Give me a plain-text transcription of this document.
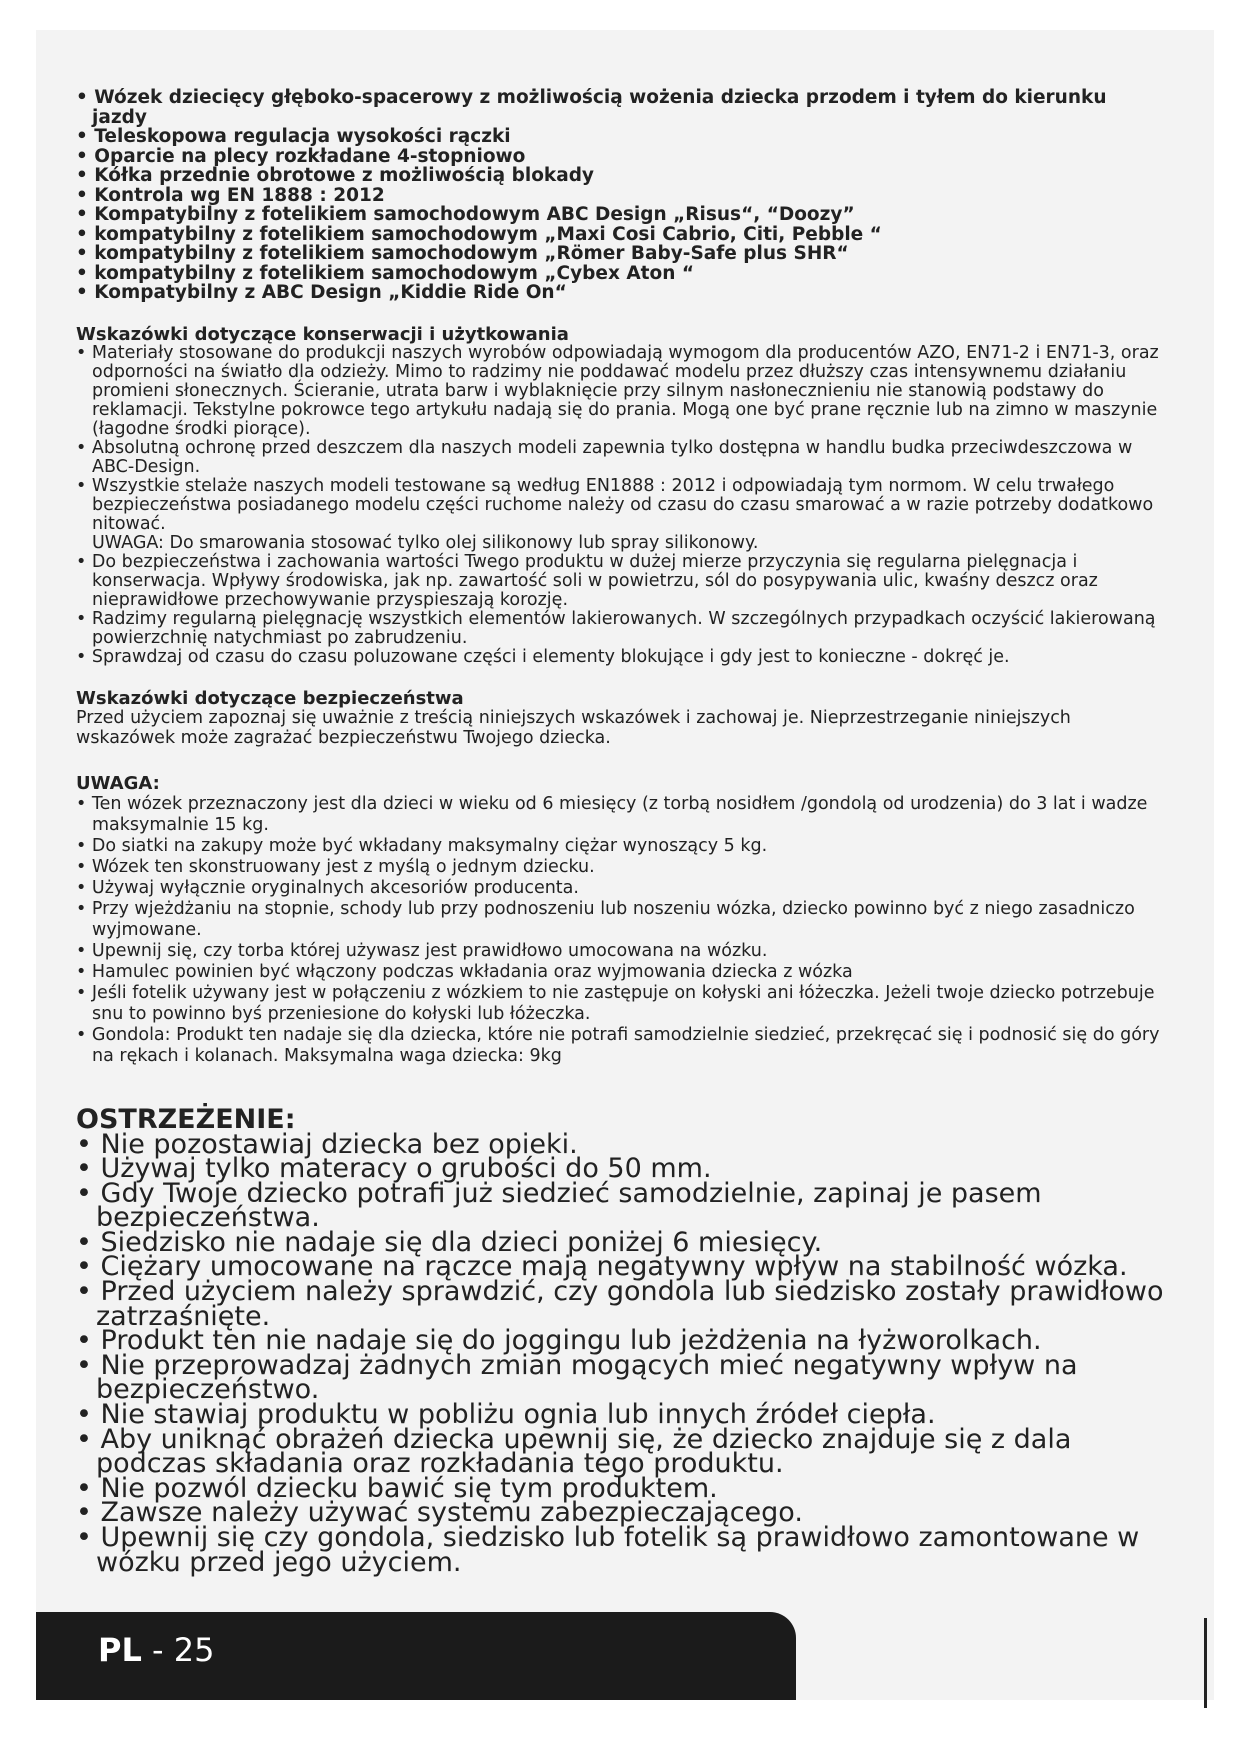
• Wózek dziecięcy głęboko-spacerowy z możliwością wożenia dziecka przodem i tyłem do kierunku jazdy
• Teleskopowa regulacja wysokości rączki
• Oparcie na plecy rozkładane 4-stopniowo
• Kółka przednie obrotowe z możliwością blokady
• Kontrola wg EN 1888 : 2012
• Kompatybilny z fotelikiem samochodowym ABC Design „Risus“, “Doozy”
• kompatybilny z fotelikiem samochodowym „Maxi Cosi Cabrio, Citi, Pebble “
• kompatybilny z fotelikiem samochodowym „Römer Baby-Safe plus SHR“
• kompatybilny z fotelikiem samochodowym „Cybex Aton “
• Kompatybilny z ABC Design „Kiddie Ride On“
Wskazówki dotyczące konserwacji i użytkowania
• Materiały stosowane do produkcji naszych wyrobów odpowiadają wymogom dla producentów AZO, EN71-2 i EN71-3, oraz odporności na światło dla odzieży. Mimo to radzimy nie poddawać modelu przez dłuższy czas intensywnemu działaniu promieni słonecznych. Ścieranie, utrata barw i wyblaknięcie przy silnym nasłonecznieniu nie stanowią podstawy do reklamacji. Tekstylne pokrowce tego artykułu nadają się do prania. Mogą one być prane ręcznie lub na zimno w maszynie (łagodne środki piorące).
• Absolutną ochronę przed deszczem dla naszych modeli zapewnia tylko dostępna w handlu budka przeciwdeszczowa w ABC-Design.
• Wszystkie stelaże naszych modeli testowane są według EN1888 : 2012 i odpowiadają tym normom. W celu trwałego bezpieczeństwa posiadanego modelu części ruchome należy od czasu do czasu smarować a w razie potrzeby dodatkowo nitować.
UWAGA: Do smarowania stosować tylko olej silikonowy lub spray silikonowy.
• Do bezpieczeństwa i zachowania wartości Twego produktu w dużej mierze przyczynia się regularna pielęgnacja i konserwacja. Wpływy środowiska, jak np. zawartość soli w powietrzu, sól do posypywania ulic, kwaśny deszcz oraz nieprawidłowe przechowywanie przyspieszają korozję.
• Radzimy regularną pielęgnację wszystkich elementów lakierowanych. W szczególnych przypadkach oczyścić lakierowaną powierzchnię natychmiast po zabrudzeniu.
• Sprawdzaj od czasu do czasu poluzowane części i elementy blokujące i gdy jest to konieczne - dokręć je.
Wskazówki dotyczące bezpieczeństwa

Przed użyciem zapoznaj się uważnie z treścią niniejszych wskazówek i zachowaj je. Nieprzestrzeganie niniejszych wskazówek może zagrażać bezpieczeństwu Twojego dziecka.

UWAGA:
• Ten wózek przeznaczony jest dla dzieci w wieku od 6 miesięcy (z torbą nosidłem /gondolą od urodzenia) do 3 lat i wadze maksymalnie 15 kg.
• Do siatki na zakupy może być wkładany maksymalny ciężar wynoszący 5 kg.
• Wózek ten skonstruowany jest z myślą o jednym dziecku.
• Używaj wyłącznie oryginalnych akcesoriów producenta.
• Przy wjeżdżaniu na stopnie, schody lub przy podnoszeniu lub noszeniu wózka, dziecko powinno być z niego zasadniczo wyjmowane.
• Upewnij się, czy torba której używasz jest prawidłowo umocowana na wózku.
• Hamulec powinien być włączony podczas wkładania oraz wyjmowania dziecka z wózka
• Jeśli fotelik używany jest w połączeniu z wózkiem to nie zastępuje on kołyski ani łóżeczka. Jeżeli twoje dziecko potrzebuje snu to powinno byś przeniesione do kołyski lub łóżeczka.
• Gondola: Produkt ten nadaje się dla dziecka, które nie potrafi samodzielnie siedzieć, przekręcać się i podnosić się do góry na rękach i kolanach. Maksymalna waga dziecka: 9kg
OSTRZEŻENIE:
• Nie pozostawiaj dziecka bez opieki.
• Używaj tylko materacy o grubości do 50 mm.
• Gdy Twoje dziecko potrafi już siedzieć samodzielnie, zapinaj je pasem bezpieczeństwa.
• Siedzisko nie nadaje się dla dzieci poniżej 6 miesięcy.
• Ciężary umocowane na rączce mają negatywny wpływ na stabilność wózka.
• Przed użyciem należy sprawdzić, czy gondola lub siedzisko zostały prawidłowo zatrzaśnięte.
• Produkt ten nie nadaje się do joggingu lub jeżdżenia na łyżworolkach.
• Nie przeprowadzaj żadnych zmian mogących mieć negatywny wpływ na bezpieczeństwo.
• Nie stawiaj produktu w pobliżu ognia lub innych źródeł ciepła.
• Aby uniknąć obrażeń dziecka upewnij się, że dziecko znajduje się z dala podczas składania oraz rozkładania tego produktu.
• Nie pozwól dziecku bawić się tym produktem.
• Zawsze należy używać systemu zabezpieczającego.
• Upewnij się czy gondola, siedzisko lub fotelik są prawidłowo zamontowane w wózku przed jego użyciem.
PL - 25
